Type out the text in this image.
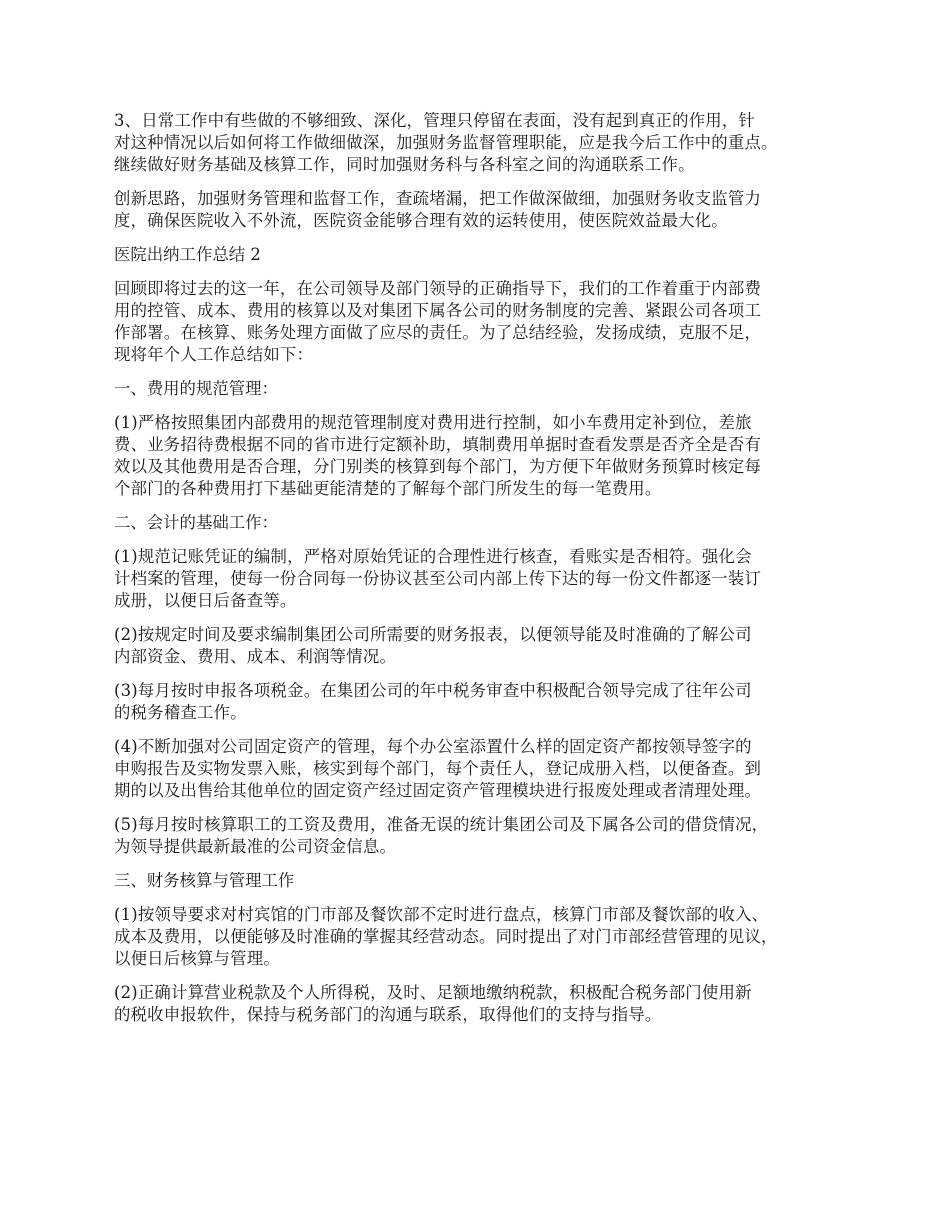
3、日常工作中有些做的不够细致、深化，管理只停留在表面，没有起到真正的作用，针
对这种情况以后如何将工作做细做深，加强财务监督管理职能，应是我今后工作中的重点。
继续做好财务基础及核算工作，同时加强财务科与各科室之间的沟通联系工作。
创新思路，加强财务管理和监督工作，查疏堵漏，把工作做深做细，加强财务收支监管力
度，确保医院收入不外流，医院资金能够合理有效的运转使用，使医院效益最大化。
医院出纳工作总结 2
回顾即将过去的这一年，在公司领导及部门领导的正确指导下，我们的工作着重于内部费
用的控管、成本、费用的核算以及对集团下属各公司的财务制度的完善、紧跟公司各项工
作部署。在核算、账务处理方面做了应尽的责任。为了总结经验，发扬成绩，克服不足，
现将年个人工作总结如下：
一、费用的规范管理：
(1)严格按照集团内部费用的规范管理制度对费用进行控制，如小车费用定补到位，差旅
费、业务招待费根据不同的省市进行定额补助，填制费用单据时查看发票是否齐全是否有
效以及其他费用是否合理，分门别类的核算到每个部门，为方便下年做财务预算时核定每
个部门的各种费用打下基础更能清楚的了解每个部门所发生的每一笔费用。
二、会计的基础工作：
(1)规范记账凭证的编制，严格对原始凭证的合理性进行核查，看账实是否相符。强化会
计档案的管理，使每一份合同每一份协议甚至公司内部上传下达的每一份文件都逐一装订
成册，以便日后备查等。
(2)按规定时间及要求编制集团公司所需要的财务报表，以便领导能及时准确的了解公司
内部资金、费用、成本、利润等情况。
(3)每月按时申报各项税金。在集团公司的年中税务审查中积极配合领导完成了往年公司
的税务稽查工作。
(4)不断加强对公司固定资产的管理，每个办公室添置什么样的固定资产都按领导签字的
申购报告及实物发票入账，核实到每个部门，每个责任人，登记成册入档，以便备查。到
期的以及出售给其他单位的固定资产经过固定资产管理模块进行报废处理或者清理处理。
(5)每月按时核算职工的工资及费用，准备无误的统计集团公司及下属各公司的借贷情况，
为领导提供最新最准的公司资金信息。
三、财务核算与管理工作
(1)按领导要求对村宾馆的门市部及餐饮部不定时进行盘点，核算门市部及餐饮部的收入、
成本及费用，以便能够及时准确的掌握其经营动态。同时提出了对门市部经营管理的见议，
以便日后核算与管理。
(2)正确计算营业税款及个人所得税，及时、足额地缴纳税款，积极配合税务部门使用新
的税收申报软件，保持与税务部门的沟通与联系，取得他们的支持与指导。
